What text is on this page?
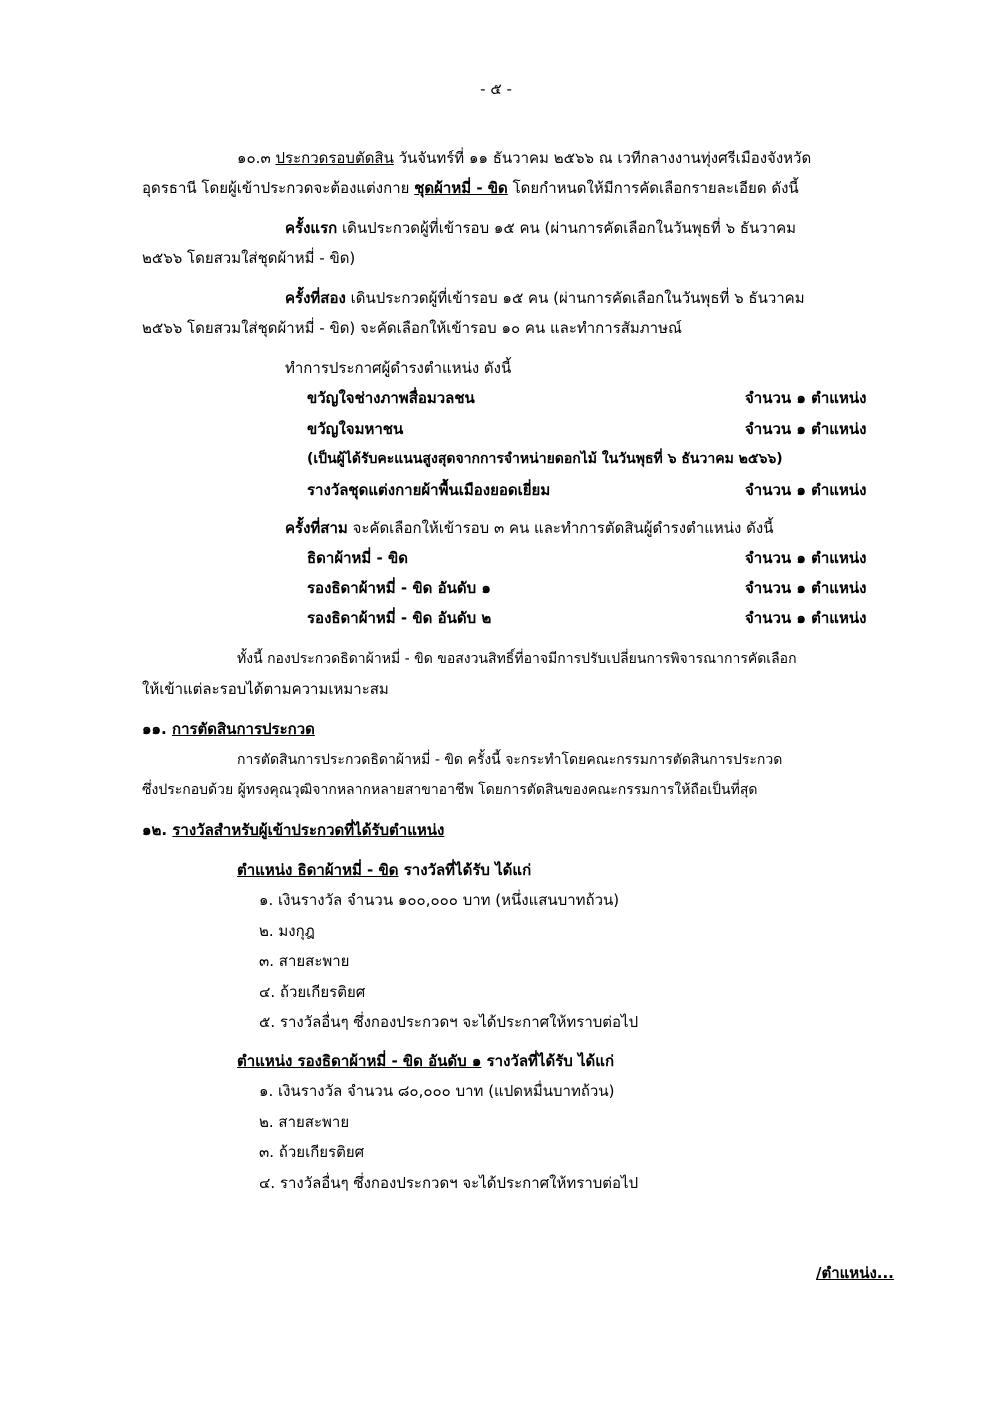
- ๕ -
๑๐.๓ ประกวดรอบตัดสิน วันจันทร์ที่ ๑๑ ธันวาคม ๒๕๖๖ ณ เวทีกลางงานทุ่งศรีเมืองจังหวัด
อุดรธานี โดยผู้เข้าประกวดจะต้องแต่งกาย ชุดผ้าหมี่ - ขิด โดยกำหนดให้มีการคัดเลือกรายละเอียด ดังนี้
ครั้งแรก เดินประกวดผู้ที่เข้ารอบ ๑๕ คน (ผ่านการคัดเลือกในวันพุธที่ ๖ ธันวาคม
๒๕๖๖ โดยสวมใส่ชุดผ้าหมี่ - ขิด)
ครั้งที่สอง เดินประกวดผู้ที่เข้ารอบ ๑๕ คน (ผ่านการคัดเลือกในวันพุธที่ ๖ ธันวาคม
๒๕๖๖ โดยสวมใส่ชุดผ้าหมี่ - ขิด) จะคัดเลือกให้เข้ารอบ ๑๐ คน และทำการสัมภาษณ์
ทำการประกาศผู้ดำรงตำแหน่ง ดังนี้
ขวัญใจช่างภาพสื่อมวลชน	จำนวน ๑ ตำแหน่ง
ขวัญใจมหาชน	จำนวน ๑ ตำแหน่ง
(เป็นผู้ได้รับคะแนนสูงสุดจากการจำหน่ายดอกไม้ ในวันพุธที่ ๖ ธันวาคม ๒๕๖๖)
รางวัลชุดแต่งกายผ้าพื้นเมืองยอดเยี่ยม	จำนวน ๑ ตำแหน่ง
ครั้งที่สาม จะคัดเลือกให้เข้ารอบ ๓ คน และทำการตัดสินผู้ดำรงตำแหน่ง ดังนี้
ธิดาผ้าหมี่ - ขิด	จำนวน ๑ ตำแหน่ง
รองธิดาผ้าหมี่ - ขิด อันดับ ๑	จำนวน ๑ ตำแหน่ง
รองธิดาผ้าหมี่ - ขิด อันดับ ๒	จำนวน ๑ ตำแหน่ง
ทั้งนี้ กองประกวดธิดาผ้าหมี่ - ขิด ขอสงวนสิทธิ์ที่อาจมีการปรับเปลี่ยนการพิจารณาการคัดเลือก
ให้เข้าแต่ละรอบได้ตามความเหมาะสม
๑๑. การตัดสินการประกวด
การตัดสินการประกวดธิดาผ้าหมี่ - ขิด ครั้งนี้ จะกระทำโดยคณะกรรมการตัดสินการประกวด
ซึ่งประกอบด้วย ผู้ทรงคุณวุฒิจากหลากหลายสาขาอาชีพ โดยการตัดสินของคณะกรรมการให้ถือเป็นที่สุด
๑๒. รางวัลสำหรับผู้เข้าประกวดที่ได้รับตำแหน่ง
ตำแหน่ง ธิดาผ้าหมี่ - ขิด รางวัลที่ได้รับ ได้แก่
๑. เงินรางวัล จำนวน ๑๐๐,๐๐๐ บาท (หนึ่งแสนบาทถ้วน)
๒. มงกุฎ
๓. สายสะพาย
๔. ถ้วยเกียรติยศ
๕. รางวัลอื่นๆ ซึ่งกองประกวดฯ จะได้ประกาศให้ทราบต่อไป
ตำแหน่ง รองธิดาผ้าหมี่ - ขิด อันดับ ๑ รางวัลที่ได้รับ ได้แก่
๑. เงินรางวัล จำนวน ๘๐,๐๐๐ บาท (แปดหมื่นบาทถ้วน)
๒. สายสะพาย
๓. ถ้วยเกียรติยศ
๔. รางวัลอื่นๆ ซึ่งกองประกวดฯ จะได้ประกาศให้ทราบต่อไป
/ตำแหน่ง...
